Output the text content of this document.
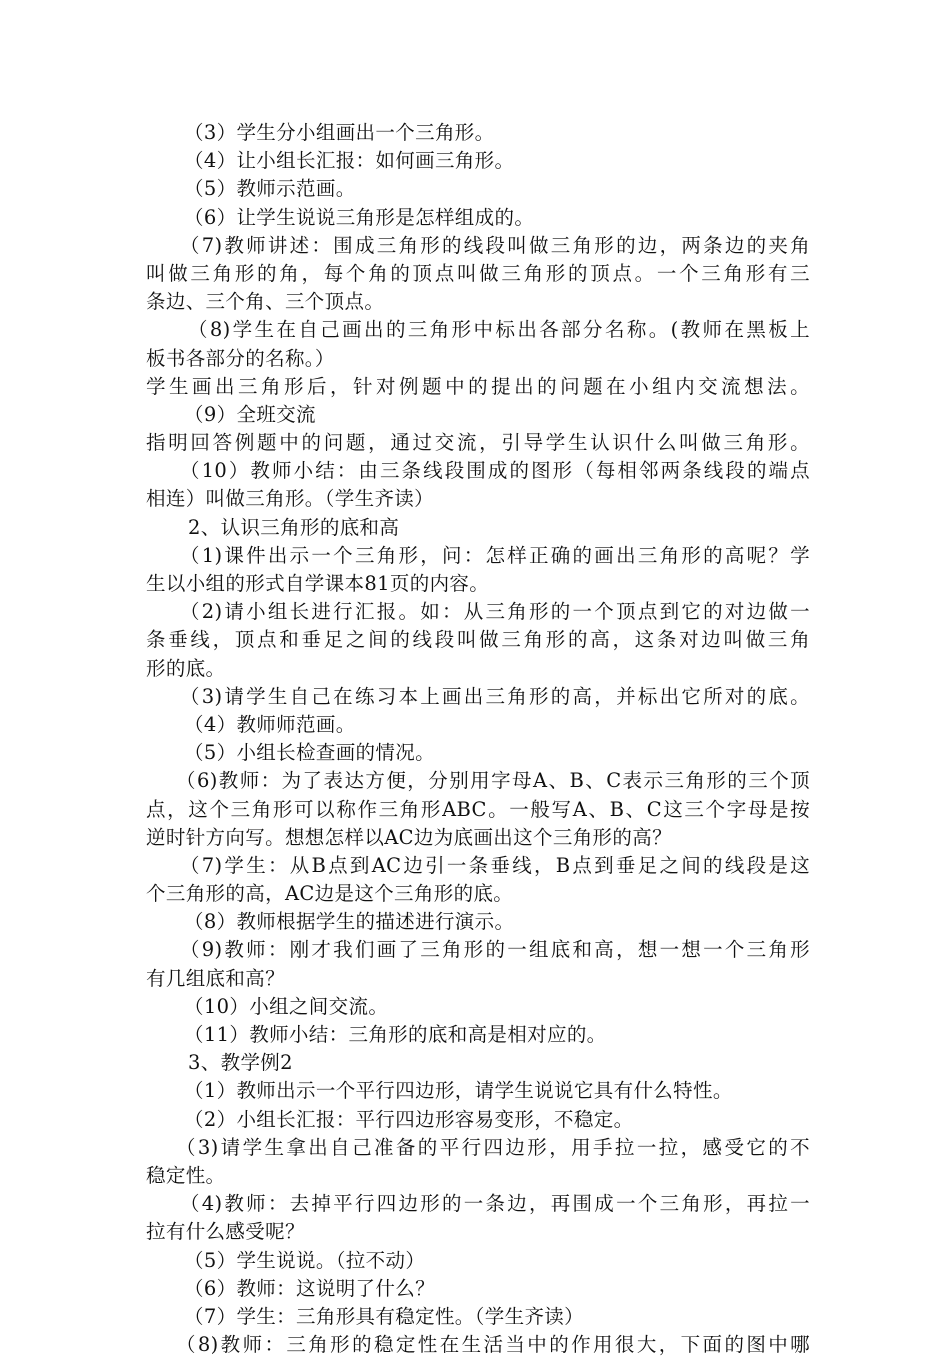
（3）学生分小组画出一个三角形。
（4）让小组长汇报：如何画三角形。
（5）教师示范画。
（6）让学生说说三角形是怎样组成的。
（7)教师讲述：围成三角形的线段叫做三角形的边，两条边的夹角
叫做三角形的角，每个角的顶点叫做三角形的顶点。一个三角形有三
条边、三个角、三个顶点。
（8)学生在自己画出的三角形中标出各部分名称。(教师在黑板上
板书各部分的名称。）
学生画出三角形后，针对例题中的提出的问题在小组内交流想法。
（9）全班交流
指明回答例题中的问题，通过交流，引导学生认识什么叫做三角形。
（10）教师小结：由三条线段围成的图形（每相邻两条线段的端点
相连）叫做三角形。（学生齐读）
2、认识三角形的底和高
（1)课件出示一个三角形，问：怎样正确的画出三角形的高呢？学
生以小组的形式自学课本81页的内容。
（2)请小组长进行汇报。如：从三角形的一个顶点到它的对边做一
条垂线，顶点和垂足之间的线段叫做三角形的高，这条对边叫做三角
形的底。
（3)请学生自己在练习本上画出三角形的高，并标出它所对的底。
（4）教师师范画。
（5）小组长检查画的情况。
（6)教师：为了表达方便，分别用字母A、B、C表示三角形的三个顶
点，这个三角形可以称作三角形ABC。一般写A、B、C这三个字母是按
逆时针方向写。想想怎样以AC边为底画出这个三角形的高？
（7)学生：从B点到AC边引一条垂线，B点到垂足之间的线段是这
个三角形的高，AC边是这个三角形的底。
（8）教师根据学生的描述进行演示。
（9)教师：刚才我们画了三角形的一组底和高，想一想一个三角形
有几组底和高？
（10）小组之间交流。
（11）教师小结：三角形的底和高是相对应的。
3、教学例2
（1）教师出示一个平行四边形，请学生说说它具有什么特性。
（2）小组长汇报：平行四边形容易变形，不稳定。
（3)请学生拿出自己准备的平行四边形，用手拉一拉，感受它的不
稳定性。
（4)教师：去掉平行四边形的一条边，再围成一个三角形，再拉一
拉有什么感受呢？
（5）学生说说。（拉不动）
（6）教师：这说明了什么？
（7）学生：三角形具有稳定性。（学生齐读）
（8)教师：三角形的稳定性在生活当中的作用很大，下面的图中哪
